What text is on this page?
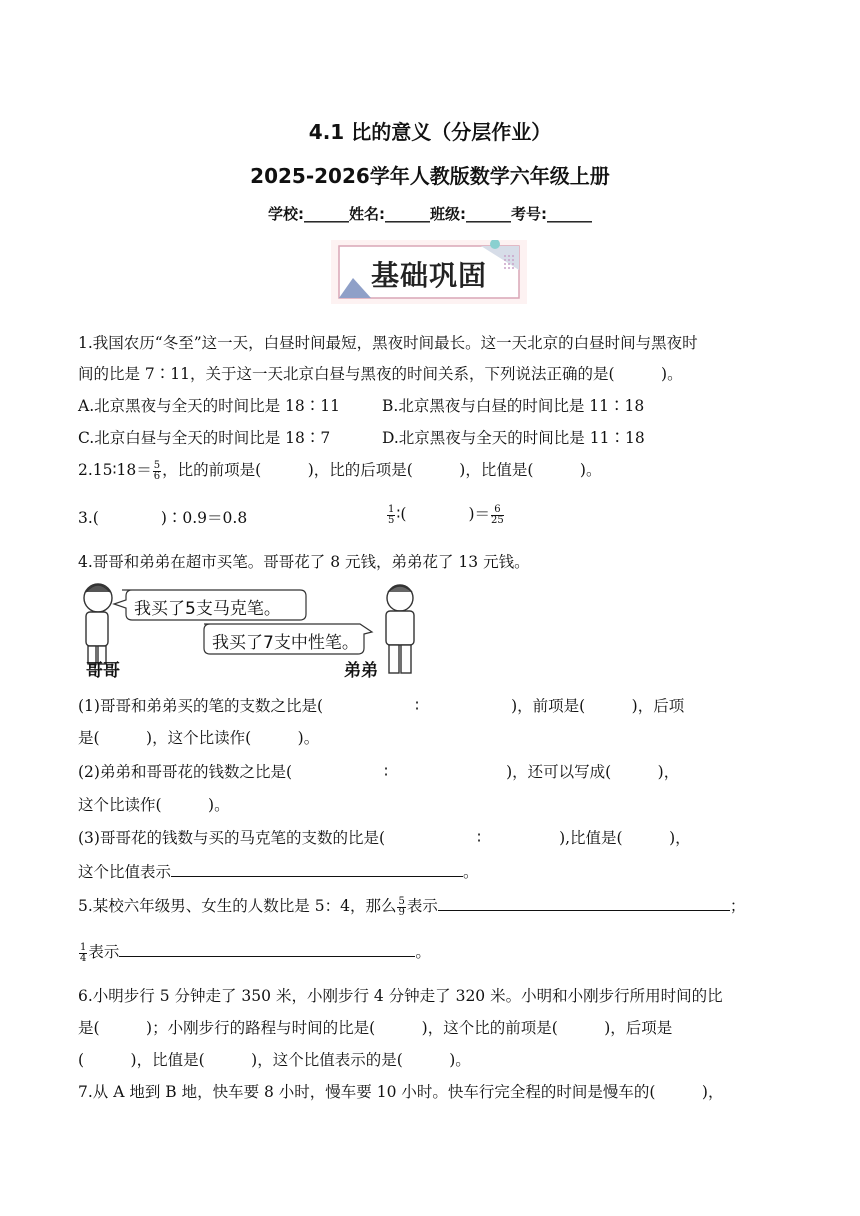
4.1 比的意义（分层作业）
2025-2026学年人教版数学六年级上册
学校:______姓名:______班级:______考号:______
基础巩固
1.我国农历“冬至”这一天，白昼时间最短，黑夜时间最长。这一天北京的白昼时间与黑夜时
间的比是 7∶11，关于这一天北京白昼与黑夜的时间关系，下列说法正确的是(　　　)。
A.北京黑夜与全天的时间比是 18∶11	B.北京黑夜与白昼的时间比是 11∶18
C.北京白昼与全天的时间比是 18∶7	D.北京黑夜与全天的时间比是 11∶18
2.15∶18＝ $\frac{5}{6}$ ，比的前项是(　　　)，比的后项是(　　　)，比值是(　　　)。
3.(　　　　)∶0.9＝0.8	$\frac{1}{5}$ ∶(　　　　)＝ $\frac{6}{25}$
4.哥哥和弟弟在超市买笔。哥哥花了 8 元钱，弟弟花了 13 元钱。
我买了5支马克笔。
我买了7支中性笔。
哥哥	弟弟
(1)哥哥和弟弟买的笔的支数之比是(	∶	)，前项是(　　　)，后项
是(　　　)，这个比读作(　　　)。
(2)弟弟和哥哥花的钱数之比是(	∶	)，还可以写成(　　　)，
这个比读作(　　　)。
(3)哥哥花的钱数与买的马克笔的支数的比是(	∶	),比值是(　　　)，
这个比值表示	。
5.某校六年级男、女生的人数比是 5：4，那么 $\frac{5}{9}$ 表示	；
$\frac{1}{4}$ 表示	。
6.小明步行 5 分钟走了 350 米，小刚步行 4 分钟走了 320 米。小明和小刚步行所用时间的比
是(　　　)；小刚步行的路程与时间的比是(　　　)，这个比的前项是(　　　)，后项是
(　　　)，比值是(　　　)，这个比值表示的是(　　　)。
7.从 A 地到 B 地，快车要 8 小时，慢车要 10 小时。快车行完全程的时间是慢车的(　　　)，
